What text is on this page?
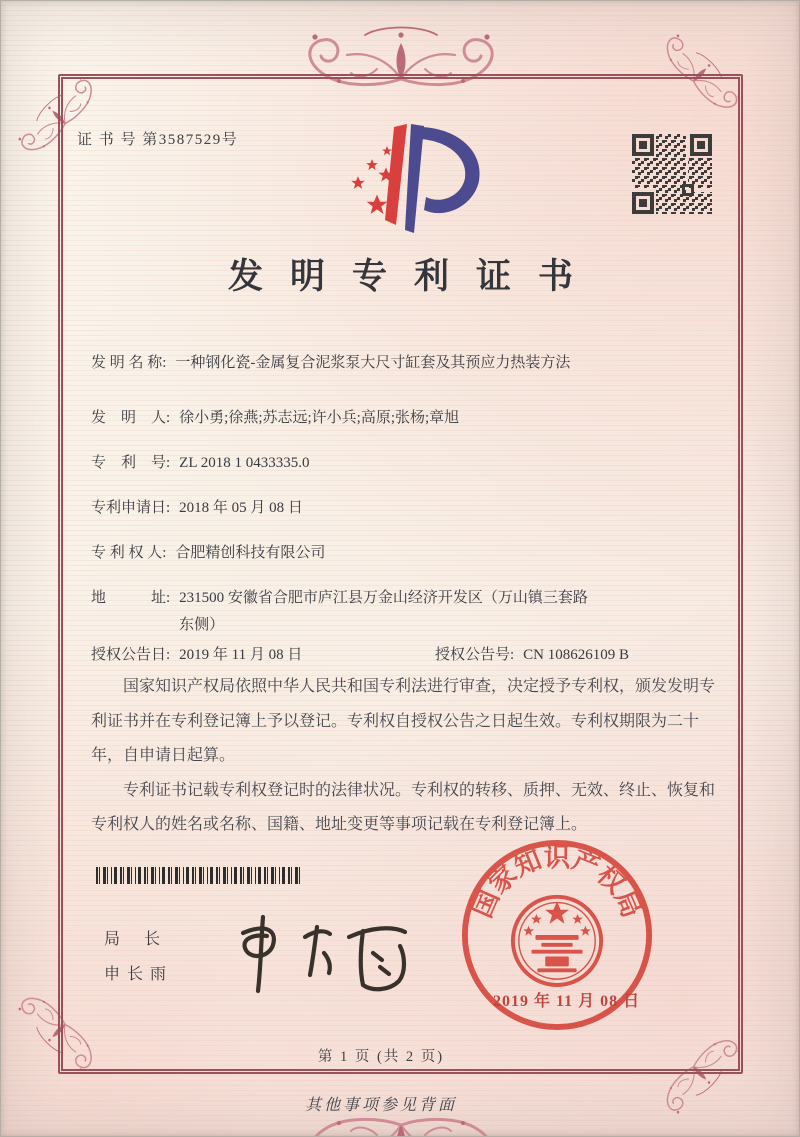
证 书 号 第3587529号
发明专利证书
发 明 名 称: 一种钢化瓷-金属复合泥浆泵大尺寸缸套及其预应力热装方法
发　明　人: 徐小勇;徐燕;苏志远;许小兵;高原;张杨;章旭
专　利　号: ZL 2018 1 0433335.0
专利申请日: 2018 年 05 月 08 日
专 利 权 人: 合肥精创科技有限公司
地　　　址: 231500 安徽省合肥市庐江县万金山经济开发区（万山镇三套路东侧）
授权公告日: 2019 年 11 月 08 日	授权公告号: CN 108626109 B

国家知识产权局依照中华人民共和国专利法进行审查，决定授予专利权，颁发发明专利证书并在专利登记簿上予以登记。专利权自授权公告之日起生效。专利权期限为二十年，自申请日起算。

专利证书记载专利权登记时的法律状况。专利权的转移、质押、无效、终止、恢复和专利权人的姓名或名称、国籍、地址变更等事项记载在专利登记簿上。

局 长
申长雨
国家知识产权局
2019 年 11 月 08 日
第 1 页 (共 2 页)
其他事项参见背面
